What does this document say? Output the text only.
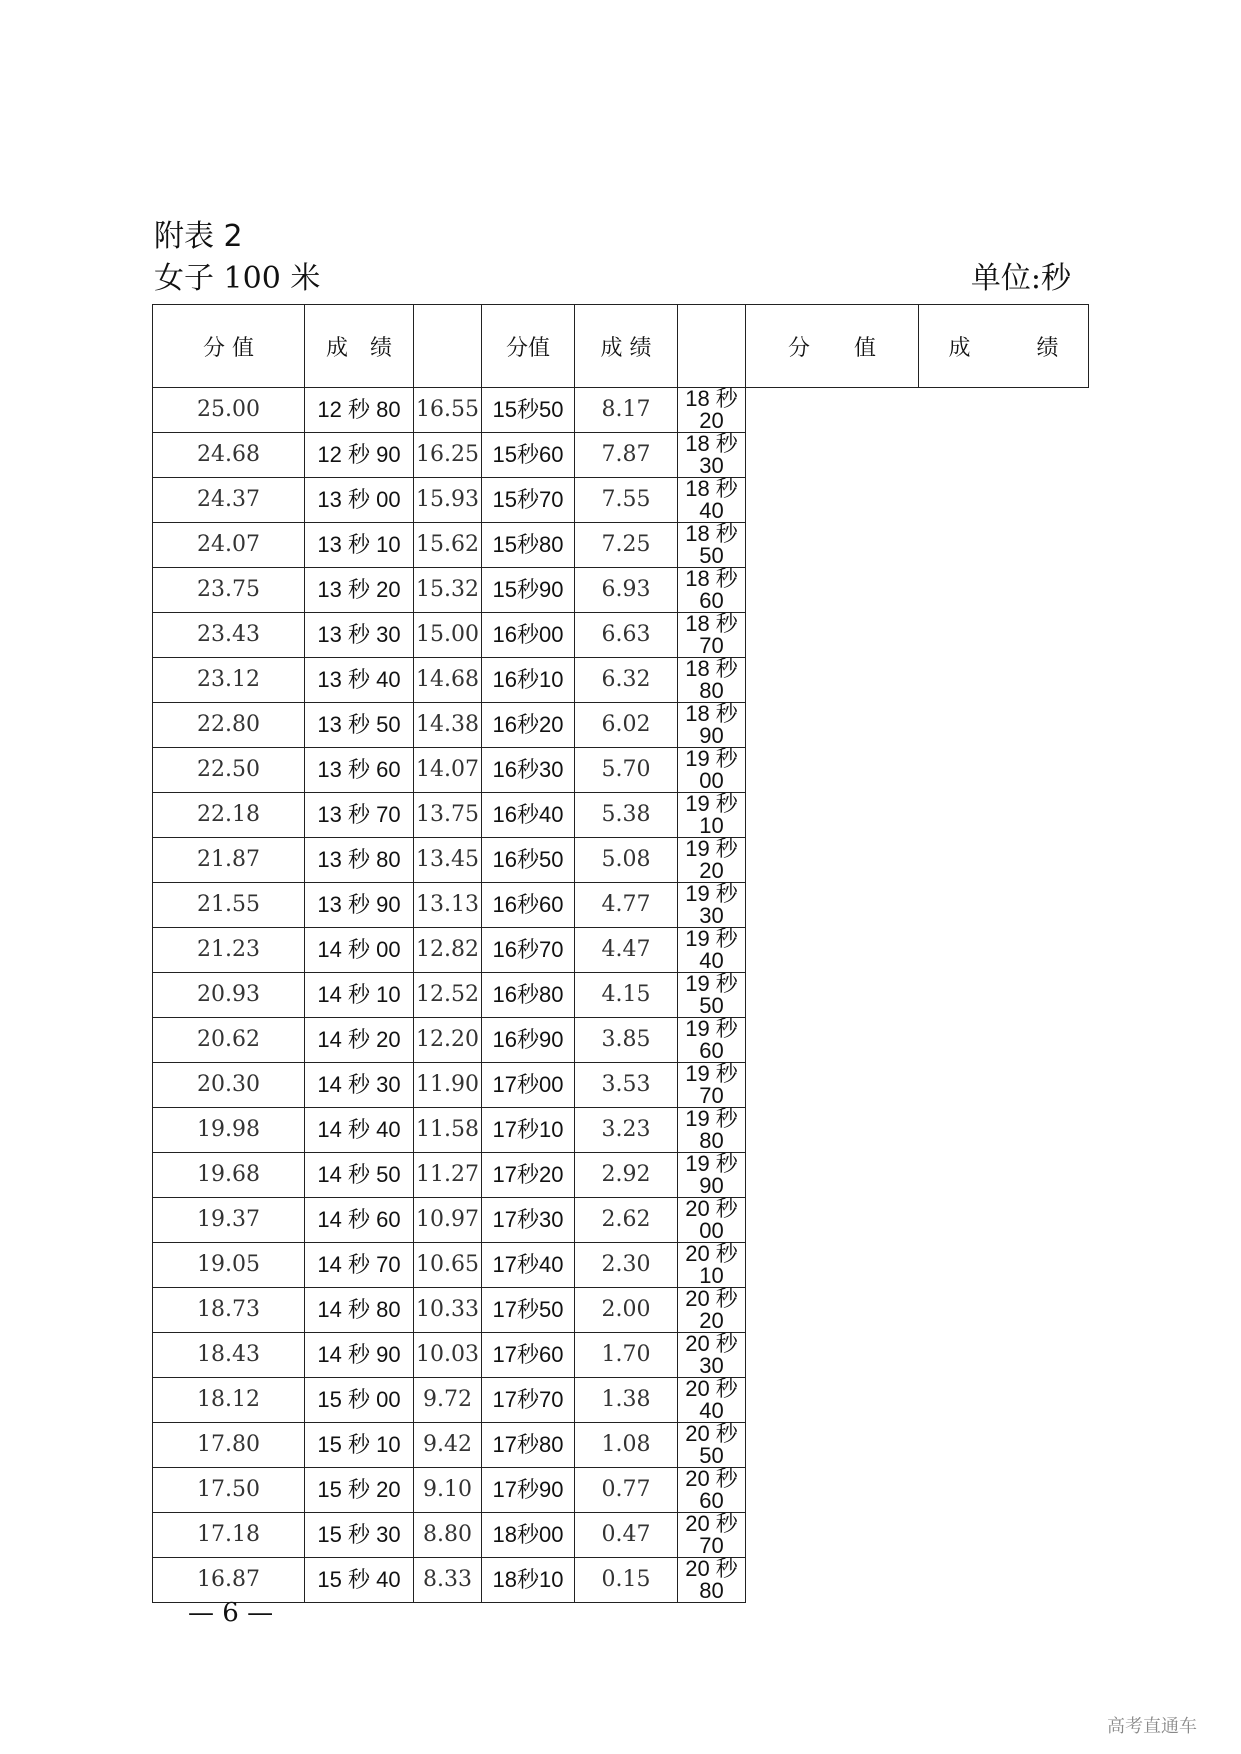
附表 2
女子 100 米	单位:秒
分 值	成　绩		分值	成 绩		分　　值	成　　　绩
25.00	12 秒 80	16.55	15秒50	8.17	18 秒 20		
24.68	12 秒 90	16.25	15秒60	7.87	18 秒 30		
24.37	13 秒 00	15.93	15秒70	7.55	18 秒 40		
24.07	13 秒 10	15.62	15秒80	7.25	18 秒 50		
23.75	13 秒 20	15.32	15秒90	6.93	18 秒 60		
23.43	13 秒 30	15.00	16秒00	6.63	18 秒 70		
23.12	13 秒 40	14.68	16秒10	6.32	18 秒 80		
22.80	13 秒 50	14.38	16秒20	6.02	18 秒 90		
22.50	13 秒 60	14.07	16秒30	5.70	19 秒 00		
22.18	13 秒 70	13.75	16秒40	5.38	19 秒 10		
21.87	13 秒 80	13.45	16秒50	5.08	19 秒 20		
21.55	13 秒 90	13.13	16秒60	4.77	19 秒 30		
21.23	14 秒 00	12.82	16秒70	4.47	19 秒 40		
20.93	14 秒 10	12.52	16秒80	4.15	19 秒 50		
20.62	14 秒 20	12.20	16秒90	3.85	19 秒 60		
20.30	14 秒 30	11.90	17秒00	3.53	19 秒 70		
19.98	14 秒 40	11.58	17秒10	3.23	19 秒 80		
19.68	14 秒 50	11.27	17秒20	2.92	19 秒 90		
19.37	14 秒 60	10.97	17秒30	2.62	20 秒 00		
19.05	14 秒 70	10.65	17秒40	2.30	20 秒 10		
18.73	14 秒 80	10.33	17秒50	2.00	20 秒 20		
18.43	14 秒 90	10.03	17秒60	1.70	20 秒 30		
18.12	15 秒 00	9.72	17秒70	1.38	20 秒 40		
17.80	15 秒 10	9.42	17秒80	1.08	20 秒 50		
17.50	15 秒 20	9.10	17秒90	0.77	20 秒 60		
17.18	15 秒 30	8.80	18秒00	0.47	20 秒 70		
16.87	15 秒 40	8.33	18秒10	0.15	20 秒 80		
— 6 —
高考直通车
